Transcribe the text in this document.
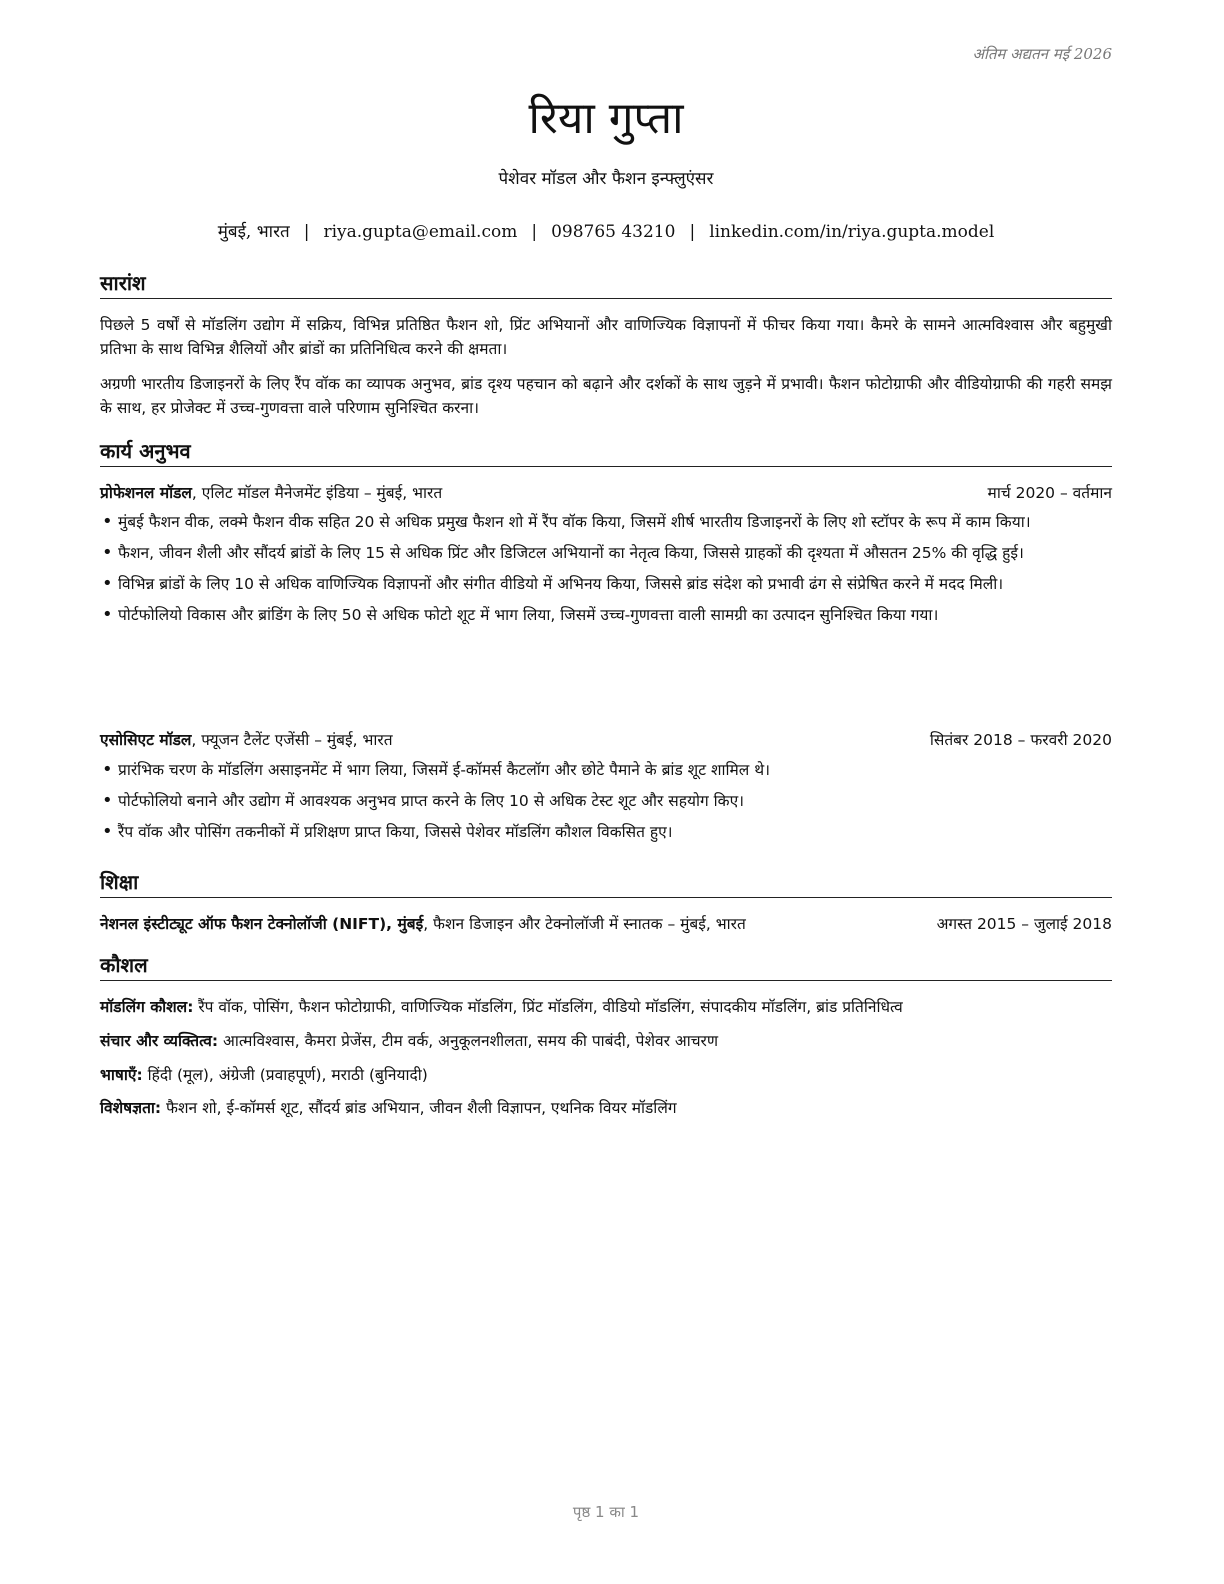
अंतिम अद्यतन मई 2026
रिया गुप्ता
पेशेवर मॉडल और फैशन इन्फ्लुएंसर
मुंबई, भारत | riya.gupta@email.com | 098765 43210 | linkedin.com/in/riya.gupta.model
सारांश

पिछले 5 वर्षों से मॉडलिंग उद्योग में सक्रिय, विभिन्न प्रतिष्ठित फैशन शो, प्रिंट अभियानों और वाणिज्यिक विज्ञापनों में फीचर किया गया। कैमरे के सामने आत्मविश्वास और बहुमुखी प्रतिभा के साथ विभिन्न शैलियों और ब्रांडों का प्रतिनिधित्व करने की क्षमता।

अग्रणी भारतीय डिजाइनरों के लिए रैंप वॉक का व्यापक अनुभव, ब्रांड दृश्य पहचान को बढ़ाने और दर्शकों के साथ जुड़ने में प्रभावी। फैशन फोटोग्राफी और वीडियोग्राफी की गहरी समझ के साथ, हर प्रोजेक्ट में उच्च-गुणवत्ता वाले परिणाम सुनिश्चित करना।

कार्य अनुभव
प्रोफेशनल मॉडल, एलिट मॉडल मैनेजमेंट इंडिया – मुंबई, भारत	मार्च 2020 – वर्तमान
• मुंबई फैशन वीक, लक्मे फैशन वीक सहित 20 से अधिक प्रमुख फैशन शो में रैंप वॉक किया, जिसमें शीर्ष भारतीय डिजाइनरों के लिए शो स्टॉपर के रूप में काम किया।
• फैशन, जीवन शैली और सौंदर्य ब्रांडों के लिए 15 से अधिक प्रिंट और डिजिटल अभियानों का नेतृत्व किया, जिससे ग्राहकों की दृश्यता में औसतन 25% की वृद्धि हुई।
• विभिन्न ब्रांडों के लिए 10 से अधिक वाणिज्यिक विज्ञापनों और संगीत वीडियो में अभिनय किया, जिससे ब्रांड संदेश को प्रभावी ढंग से संप्रेषित करने में मदद मिली।
• पोर्टफोलियो विकास और ब्रांडिंग के लिए 50 से अधिक फोटो शूट में भाग लिया, जिसमें उच्च-गुणवत्ता वाली सामग्री का उत्पादन सुनिश्चित किया गया।
एसोसिएट मॉडल, फ्यूजन टैलेंट एजेंसी – मुंबई, भारत	सितंबर 2018 – फरवरी 2020
• प्रारंभिक चरण के मॉडलिंग असाइनमेंट में भाग लिया, जिसमें ई-कॉमर्स कैटलॉग और छोटे पैमाने के ब्रांड शूट शामिल थे।
• पोर्टफोलियो बनाने और उद्योग में आवश्यक अनुभव प्राप्त करने के लिए 10 से अधिक टेस्ट शूट और सहयोग किए।
• रैंप वॉक और पोसिंग तकनीकों में प्रशिक्षण प्राप्त किया, जिससे पेशेवर मॉडलिंग कौशल विकसित हुए।
शिक्षा
नेशनल इंस्टीट्यूट ऑफ फैशन टेक्नोलॉजी (NIFT), मुंबई, फैशन डिजाइन और टेक्नोलॉजी में स्नातक – मुंबई, भारत	अगस्त 2015 – जुलाई 2018
कौशल
मॉडलिंग कौशल: रैंप वॉक, पोसिंग, फैशन फोटोग्राफी, वाणिज्यिक मॉडलिंग, प्रिंट मॉडलिंग, वीडियो मॉडलिंग, संपादकीय मॉडलिंग, ब्रांड प्रतिनिधित्व
संचार और व्यक्तित्व: आत्मविश्वास, कैमरा प्रेजेंस, टीम वर्क, अनुकूलनशीलता, समय की पाबंदी, पेशेवर आचरण
भाषाएँ: हिंदी (मूल), अंग्रेजी (प्रवाहपूर्ण), मराठी (बुनियादी)
विशेषज्ञता: फैशन शो, ई-कॉमर्स शूट, सौंदर्य ब्रांड अभियान, जीवन शैली विज्ञापन, एथनिक वियर मॉडलिंग
पृष्ठ 1 का 1
